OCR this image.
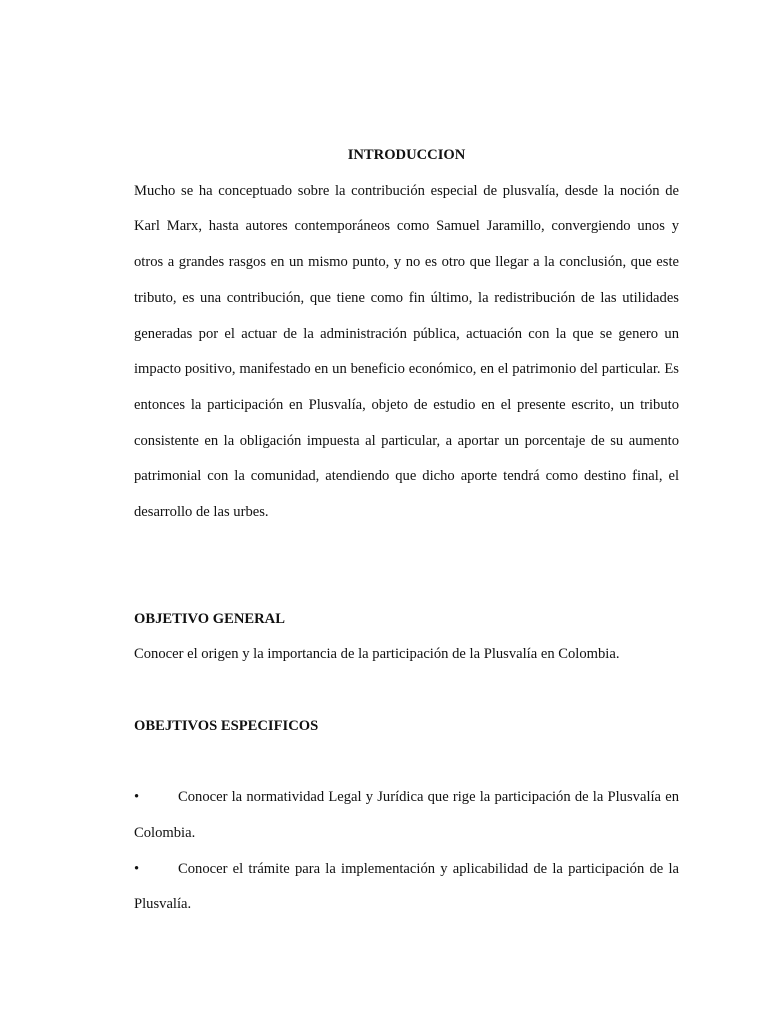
INTRODUCCION

Mucho se ha conceptuado sobre la contribución especial de plusvalía, desde la noción de Karl Marx, hasta autores contemporáneos como Samuel Jaramillo, convergiendo unos y otros a grandes rasgos en un mismo punto, y no es otro que llegar a la conclusión, que este tributo, es una contribución, que tiene como fin último, la redistribución de las utilidades generadas por el actuar de la administración pública, actuación con la que se genero un impacto positivo, manifestado en un beneficio económico, en el patrimonio del particular. Es entonces la participación en Plusvalía, objeto de estudio en el presente escrito, un tributo consistente en la obligación impuesta al particular, a aportar un porcentaje de su aumento patrimonial con la comunidad, atendiendo que dicho aporte tendrá como destino final, el desarrollo de las urbes.

OBJETIVO GENERAL

Conocer el origen y la importancia de la participación de la Plusvalía en Colombia.

OBEJTIVOS ESPECIFICOS

•	Conocer la normatividad Legal y Jurídica que rige la participación de la Plusvalía en Colombia.

•	Conocer el trámite para la implementación y aplicabilidad de la participación de la Plusvalía.
